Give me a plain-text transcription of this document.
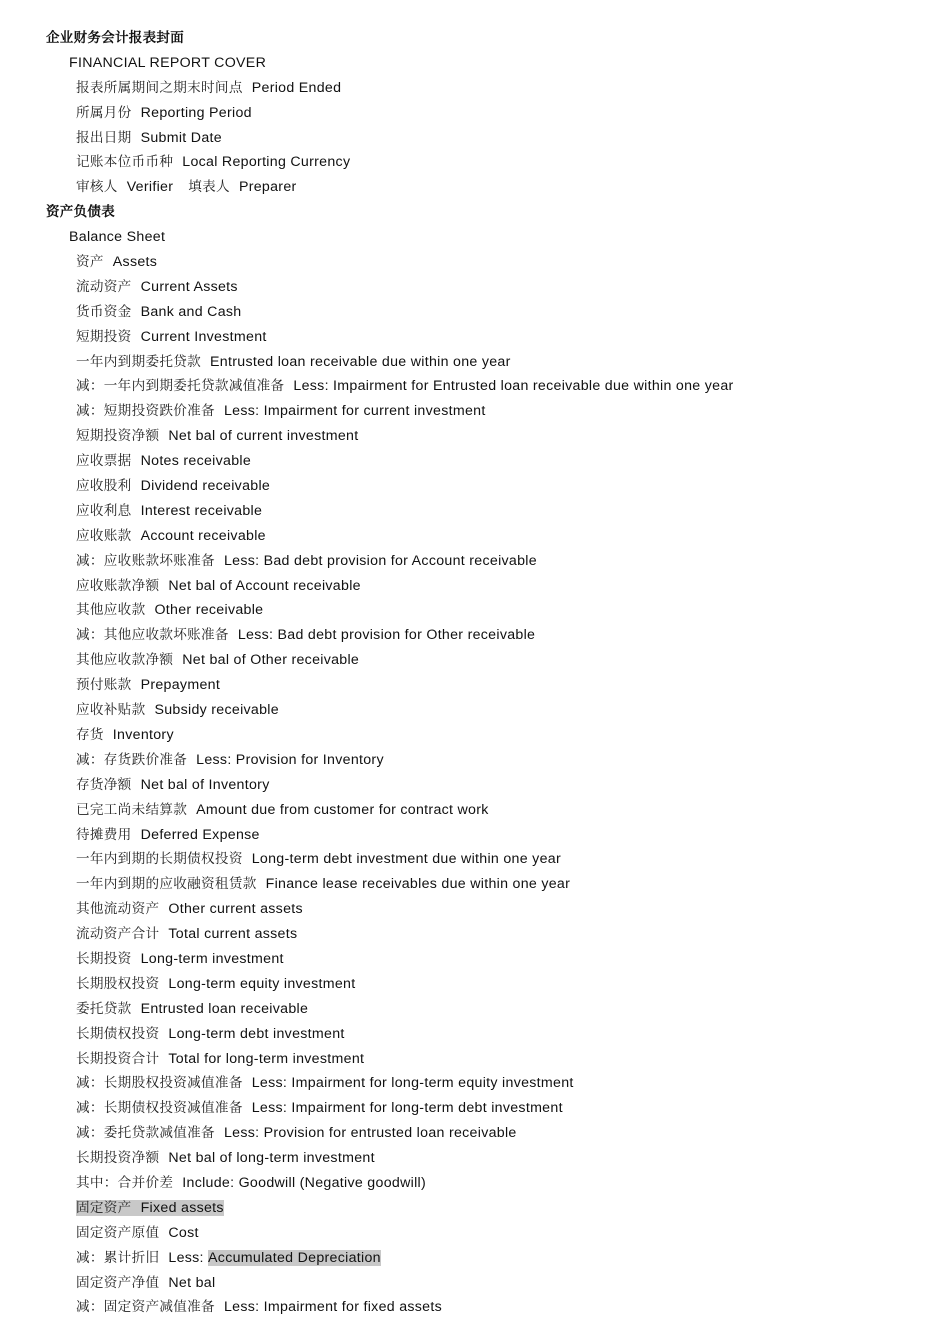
企业财务会计报表封面
FINANCIAL REPORT COVER
报表所属期间之期末时间点 Period Ended
所属月份 Reporting Period
报出日期 Submit Date
记账本位币币种 Local Reporting Currency
审核人 Verifier 填表人 Preparer
资产负债表
Balance Sheet
资产 Assets
流动资产 Current Assets
货币资金 Bank and Cash
短期投资 Current Investment
一年内到期委托贷款 Entrusted loan receivable due within one year
减：一年内到期委托贷款减值准备 Less: Impairment for Entrusted loan receivable due within one year
减：短期投资跌价准备 Less: Impairment for current investment
短期投资净额 Net bal of current investment
应收票据 Notes receivable
应收股利 Dividend receivable
应收利息 Interest receivable
应收账款 Account receivable
减：应收账款坏账准备 Less: Bad debt provision for Account receivable
应收账款净额 Net bal of Account receivable
其他应收款 Other receivable
减：其他应收款坏账准备 Less: Bad debt provision for Other receivable
其他应收款净额 Net bal of Other receivable
预付账款 Prepayment
应收补贴款 Subsidy receivable
存货 Inventory
减：存货跌价准备 Less: Provision for Inventory
存货净额 Net bal of Inventory
已完工尚未结算款 Amount due from customer for contract work
待摊费用 Deferred Expense
一年内到期的长期债权投资 Long-term debt investment due within one year
一年内到期的应收融资租赁款 Finance lease receivables due within one year
其他流动资产 Other current assets
流动资产合计 Total current assets
长期投资 Long-term investment
长期股权投资 Long-term equity investment
委托贷款 Entrusted loan receivable
长期债权投资 Long-term debt investment
长期投资合计 Total for long-term investment
减：长期股权投资减值准备 Less: Impairment for long-term equity investment
减：长期债权投资减值准备 Less: Impairment for long-term debt investment
减：委托贷款减值准备 Less: Provision for entrusted loan receivable
长期投资净额 Net bal of long-term investment
其中：合并价差 Include: Goodwill (Negative goodwill)
固定资产 Fixed assets
固定资产原值 Cost
减：累计折旧 Less: Accumulated Depreciation
固定资产净值 Net bal
减：固定资产减值准备 Less: Impairment for fixed assets
